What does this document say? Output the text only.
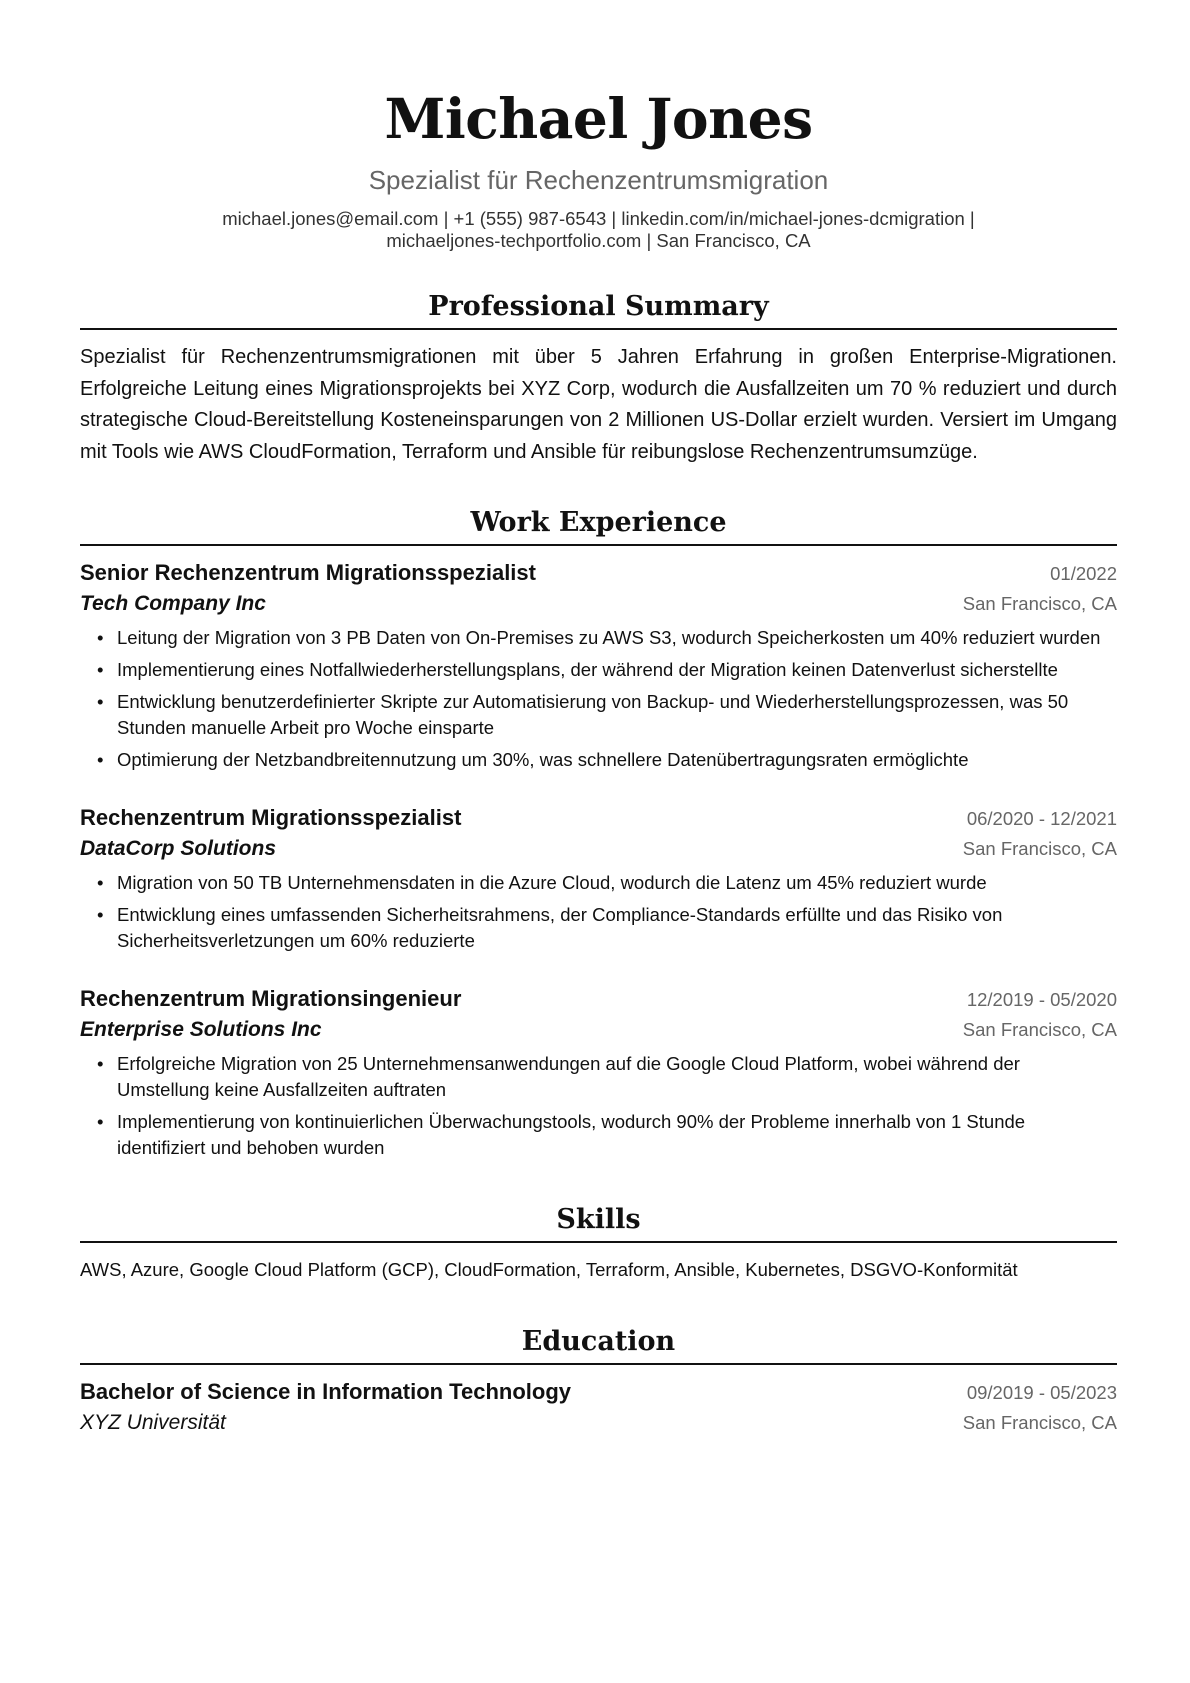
Michael Jones
Spezialist für Rechenzentrumsmigration
michael.jones@email.com | +1 (555) 987-6543 | linkedin.com/in/michael-jones-dcmigration |
michaeljones-techportfolio.com | San Francisco, CA
Professional Summary
Spezialist für Rechenzentrumsmigrationen mit über 5 Jahren Erfahrung in großen Enterprise-Migrationen. Erfolgreiche Leitung eines Migrationsprojekts bei XYZ Corp, wodurch die Ausfallzeiten um 70 % reduziert und durch strategische Cloud-Bereitstellung Kosteneinsparungen von 2 Millionen US-Dollar erzielt wurden. Versiert im Umgang mit Tools wie AWS CloudFormation, Terraform und Ansible für reibungslose Rechenzentrumsumzüge.
Work Experience
Senior Rechenzentrum Migrationsspezialist	01/2022
Tech Company Inc	San Francisco, CA
• Leitung der Migration von 3 PB Daten von On-Premises zu AWS S3, wodurch Speicherkosten um 40% reduziert wurden
• Implementierung eines Notfallwiederherstellungsplans, der während der Migration keinen Datenverlust sicherstellte
• Entwicklung benutzerdefinierter Skripte zur Automatisierung von Backup- und Wiederherstellungsprozessen, was 50 Stunden manuelle Arbeit pro Woche einsparte
• Optimierung der Netzbandbreitennutzung um 30%, was schnellere Datenübertragungsraten ermöglichte
Rechenzentrum Migrationsspezialist	06/2020 - 12/2021
DataCorp Solutions	San Francisco, CA
• Migration von 50 TB Unternehmensdaten in die Azure Cloud, wodurch die Latenz um 45% reduziert wurde
• Entwicklung eines umfassenden Sicherheitsrahmens, der Compliance-Standards erfüllte und das Risiko von Sicherheitsverletzungen um 60% reduzierte
Rechenzentrum Migrationsingenieur	12/2019 - 05/2020
Enterprise Solutions Inc	San Francisco, CA
• Erfolgreiche Migration von 25 Unternehmensanwendungen auf die Google Cloud Platform, wobei während der Umstellung keine Ausfallzeiten auftraten
• Implementierung von kontinuierlichen Überwachungstools, wodurch 90% der Probleme innerhalb von 1 Stunde identifiziert und behoben wurden
Skills
AWS, Azure, Google Cloud Platform (GCP), CloudFormation, Terraform, Ansible, Kubernetes, DSGVO-Konformität
Education
Bachelor of Science in Information Technology	09/2019 - 05/2023
XYZ Universität	San Francisco, CA
